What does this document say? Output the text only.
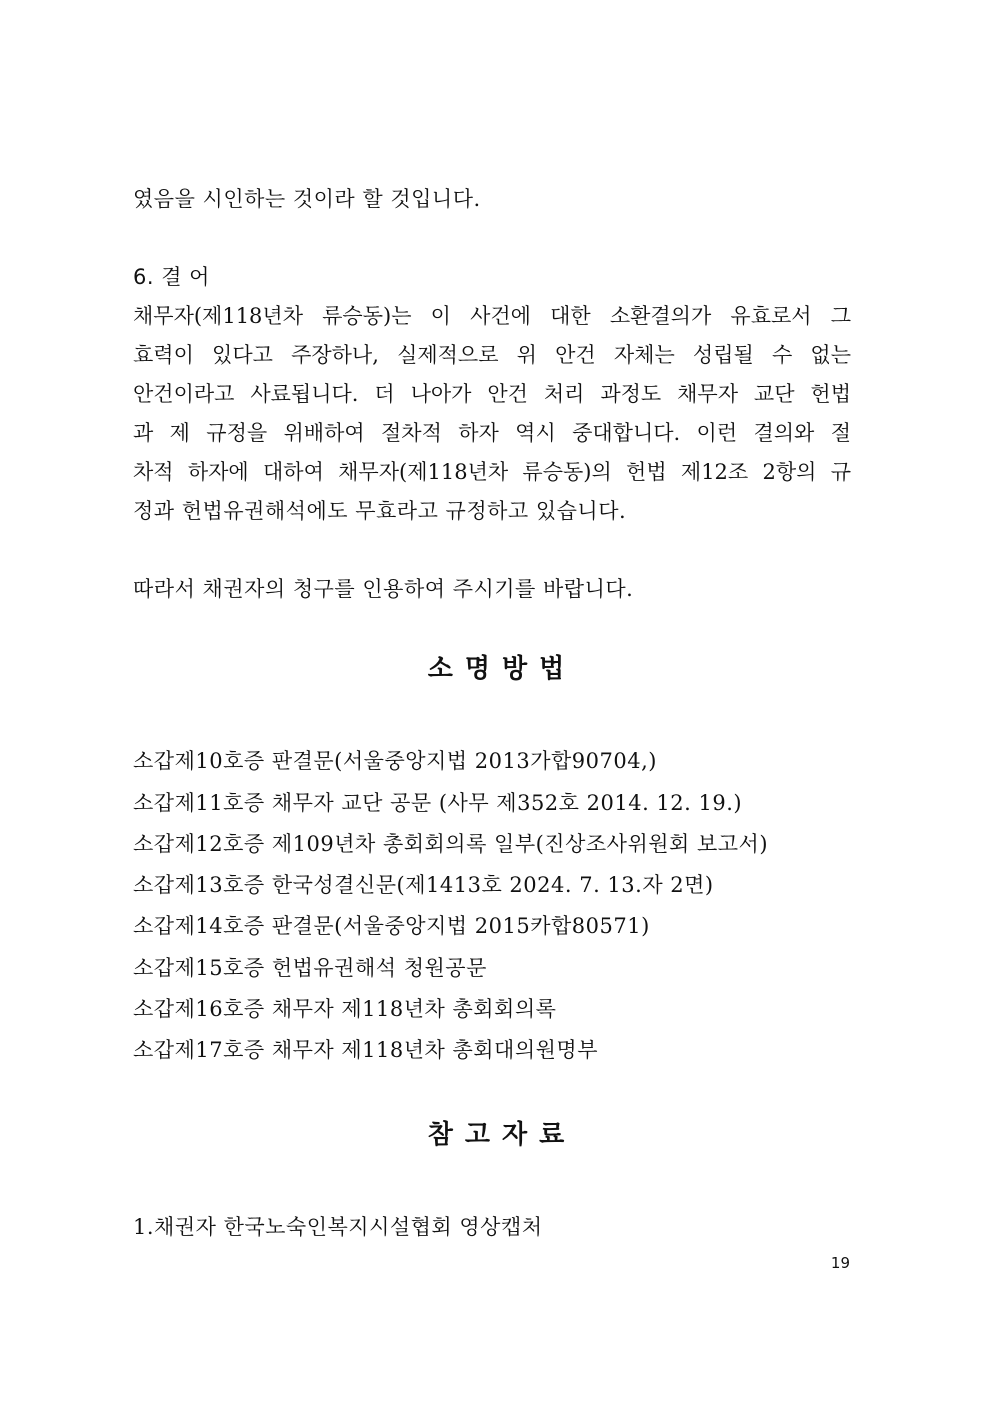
였음을 시인하는 것이라 할 것입니다.
6. 결 어
채무자(제118년차 류승동)는 이 사건에 대한 소환결의가 유효로서 그
효력이 있다고 주장하나, 실제적으로 위 안건 자체는 성립될 수 없는
안건이라고 사료됩니다. 더 나아가 안건 처리 과정도 채무자 교단 헌법
과 제 규정을 위배하여 절차적 하자 역시 중대합니다. 이런 결의와 절
차적 하자에 대하여 채무자(제118년차 류승동)의 헌법 제12조 2항의 규
정과 헌법유권해석에도 무효라고 규정하고 있습니다.
따라서 채권자의 청구를 인용하여 주시기를 바랍니다.
소명방법
소갑제10호증 판결문(서울중앙지법 2013가합90704,)
소갑제11호증 채무자 교단 공문 (사무 제352호 2014. 12. 19.)
소갑제12호증 제109년차 총회회의록 일부(진상조사위원회 보고서)
소갑제13호증 한국성결신문(제1413호 2024. 7. 13.자 2면)
소갑제14호증 판결문(서울중앙지법 2015카합80571)
소갑제15호증 헌법유권해석 청원공문
소갑제16호증 채무자 제118년차 총회회의록
소갑제17호증 채무자 제118년차 총회대의원명부
참고자료
1.채권자 한국노숙인복지시설협회 영상캡처
19
